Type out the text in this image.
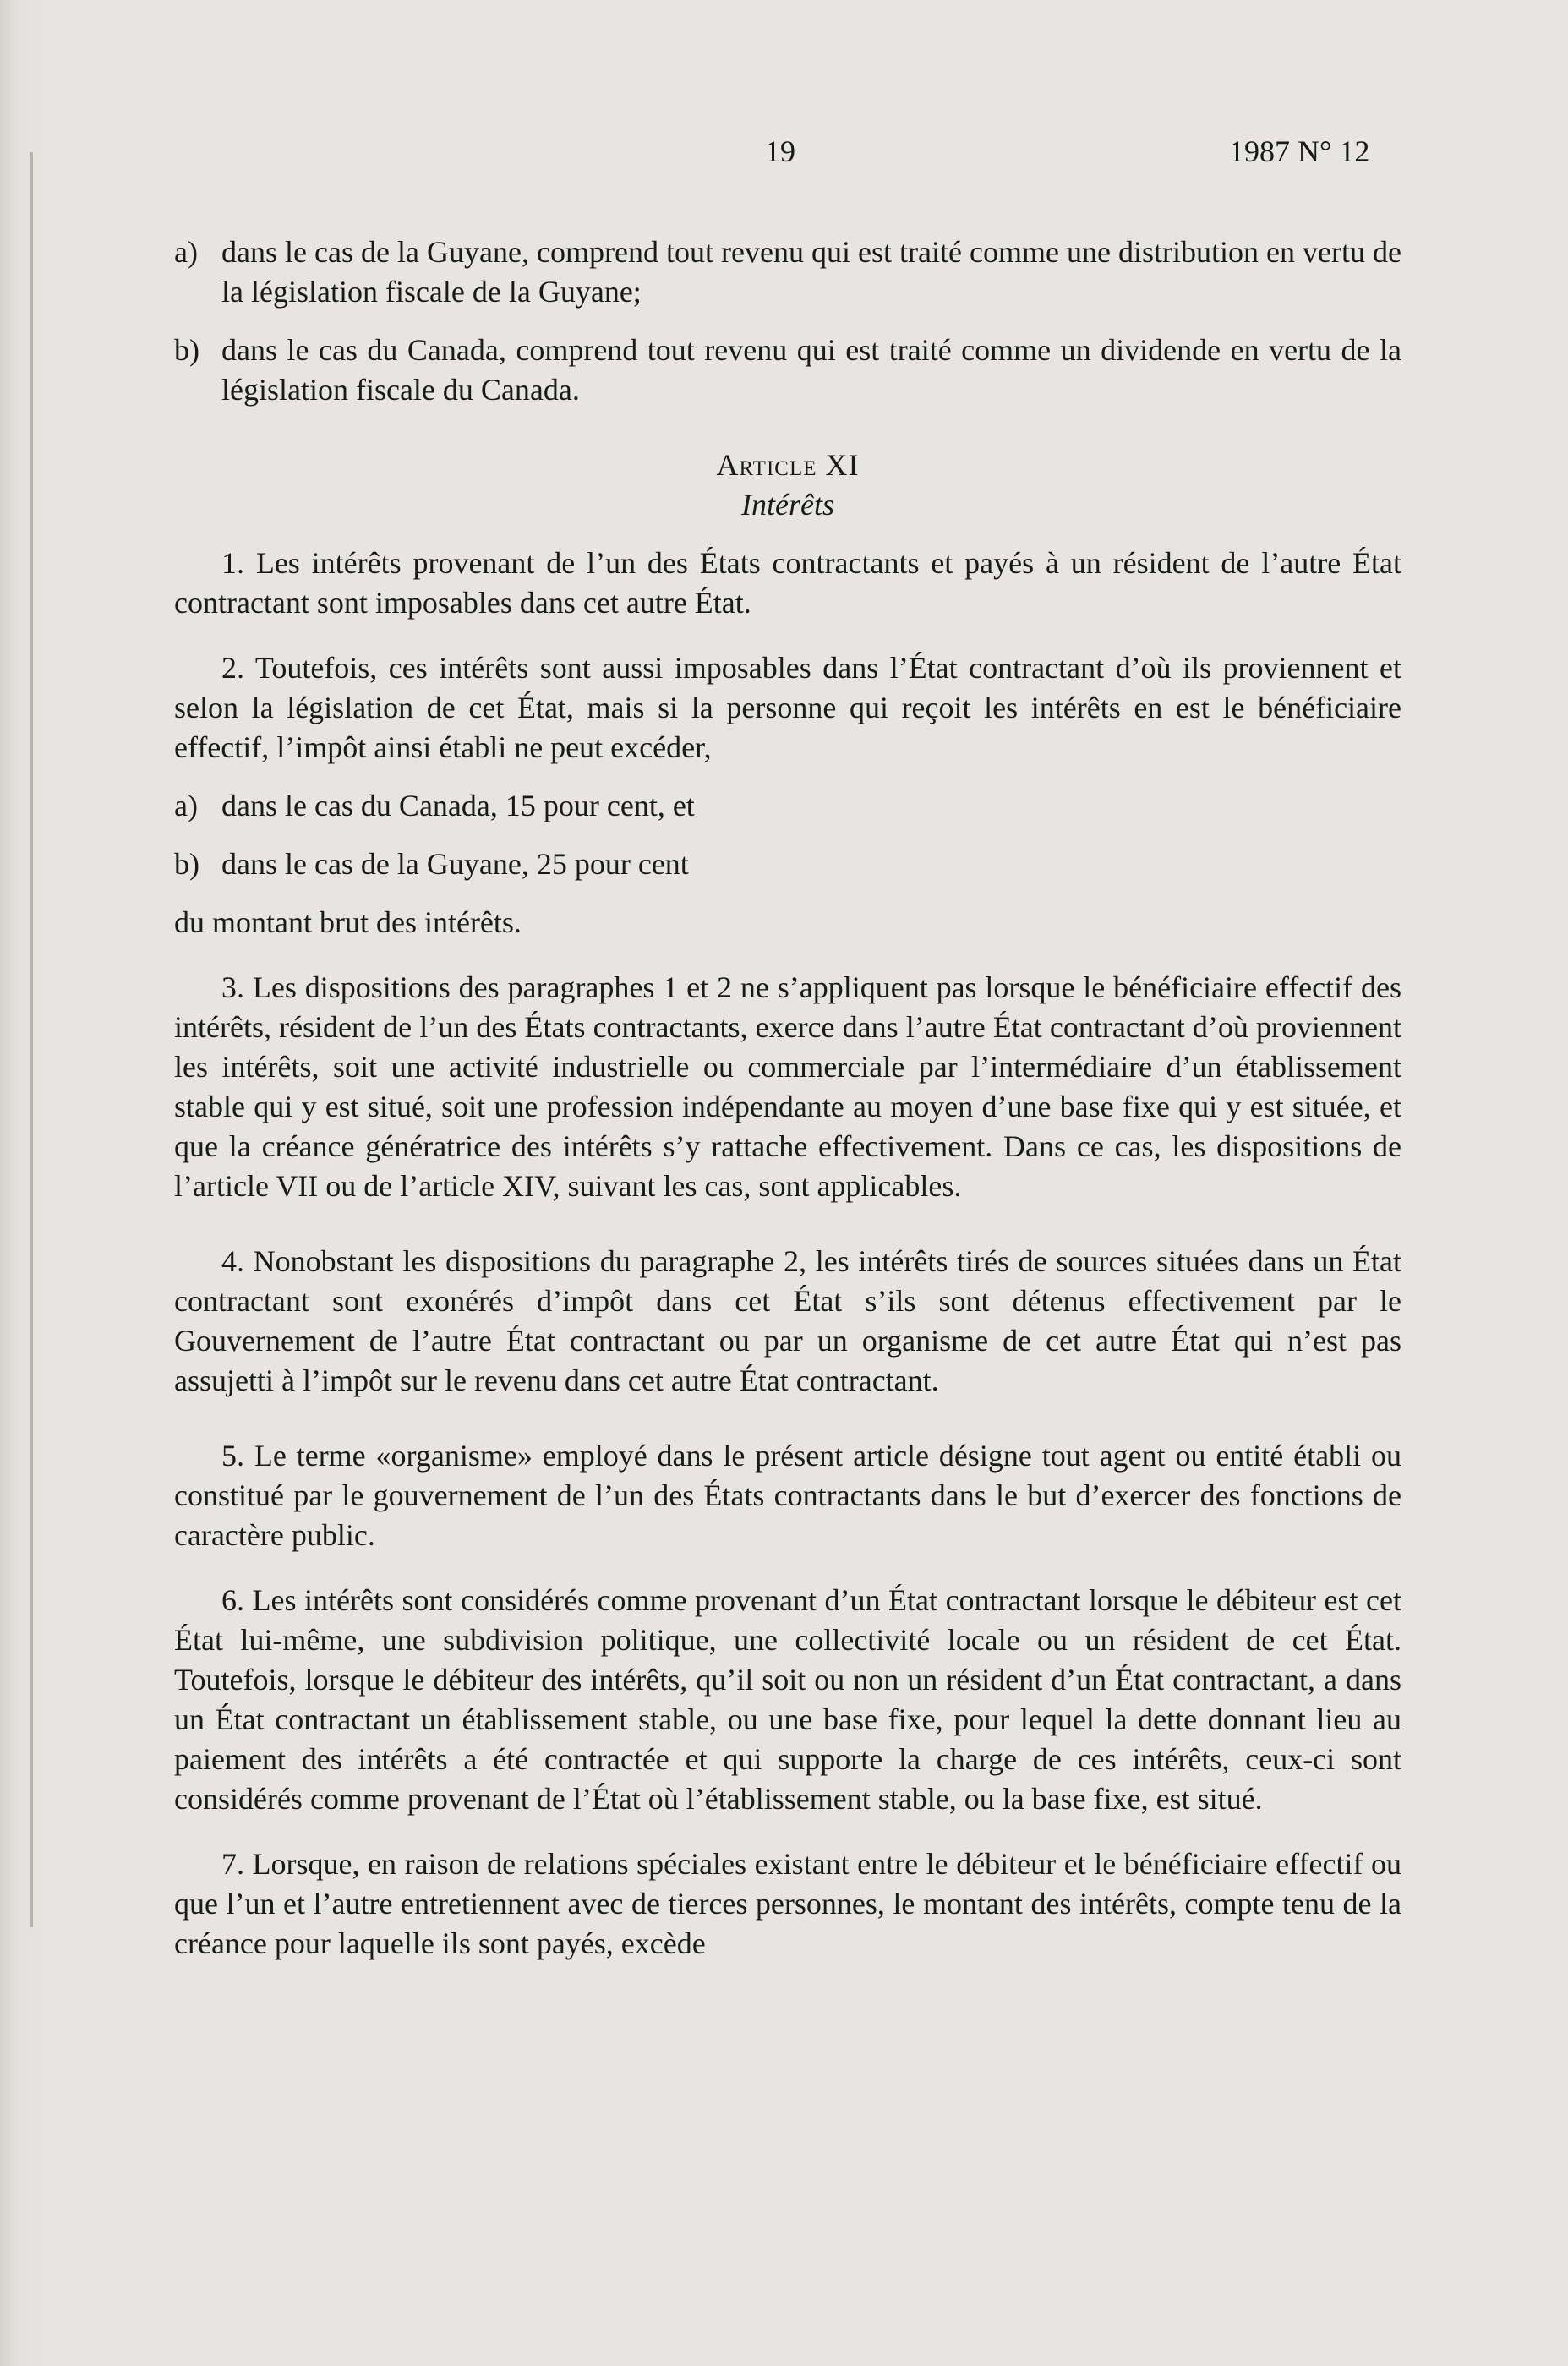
19	1987 N° 12
a) dans le cas de la Guyane, comprend tout revenu qui est traité comme une distribution en vertu de la législation fiscale de la Guyane;
b) dans le cas du Canada, comprend tout revenu qui est traité comme un dividende en vertu de la législation fiscale du Canada.

Article XI

Intérêts

1. Les intérêts provenant de l’un des États contractants et payés à un résident de l’autre État contractant sont imposables dans cet autre État.

2. Toutefois, ces intérêts sont aussi imposables dans l’État contractant d’où ils proviennent et selon la législation de cet État, mais si la personne qui reçoit les intérêts en est le bénéficiaire effectif, l’impôt ainsi établi ne peut excéder,

a) dans le cas du Canada, 15 pour cent, et
b) dans le cas de la Guyane, 25 pour cent

du montant brut des intérêts.

3. Les dispositions des paragraphes 1 et 2 ne s’appliquent pas lorsque le bénéficiaire effectif des intérêts, résident de l’un des États contractants, exerce dans l’autre État contractant d’où proviennent les intérêts, soit une activité industrielle ou commerciale par l’intermédiaire d’un établissement stable qui y est situé, soit une profession indépendante au moyen d’une base fixe qui y est située, et que la créance génératrice des intérêts s’y rattache effectivement. Dans ce cas, les dispositions de l’article VII ou de l’article XIV, suivant les cas, sont applicables.

4. Nonobstant les dispositions du paragraphe 2, les intérêts tirés de sources situées dans un État contractant sont exonérés d’impôt dans cet État s’ils sont détenus effectivement par le Gouvernement de l’autre État contractant ou par un organisme de cet autre État qui n’est pas assujetti à l’impôt sur le revenu dans cet autre État contractant.

5. Le terme «organisme» employé dans le présent article désigne tout agent ou entité établi ou constitué par le gouvernement de l’un des États contractants dans le but d’exercer des fonctions de caractère public.

6. Les intérêts sont considérés comme provenant d’un État contractant lorsque le débiteur est cet État lui-même, une subdivision politique, une collectivité locale ou un résident de cet État. Toutefois, lorsque le débiteur des intérêts, qu’il soit ou non un résident d’un État contractant, a dans un État contractant un établissement stable, ou une base fixe, pour lequel la dette donnant lieu au paiement des intérêts a été contractée et qui supporte la charge de ces intérêts, ceux-ci sont considérés comme provenant de l’État où l’établissement stable, ou la base fixe, est situé.

7. Lorsque, en raison de relations spéciales existant entre le débiteur et le bénéficiaire effectif ou que l’un et l’autre entretiennent avec de tierces personnes, le montant des intérêts, compte tenu de la créance pour laquelle ils sont payés, excède
